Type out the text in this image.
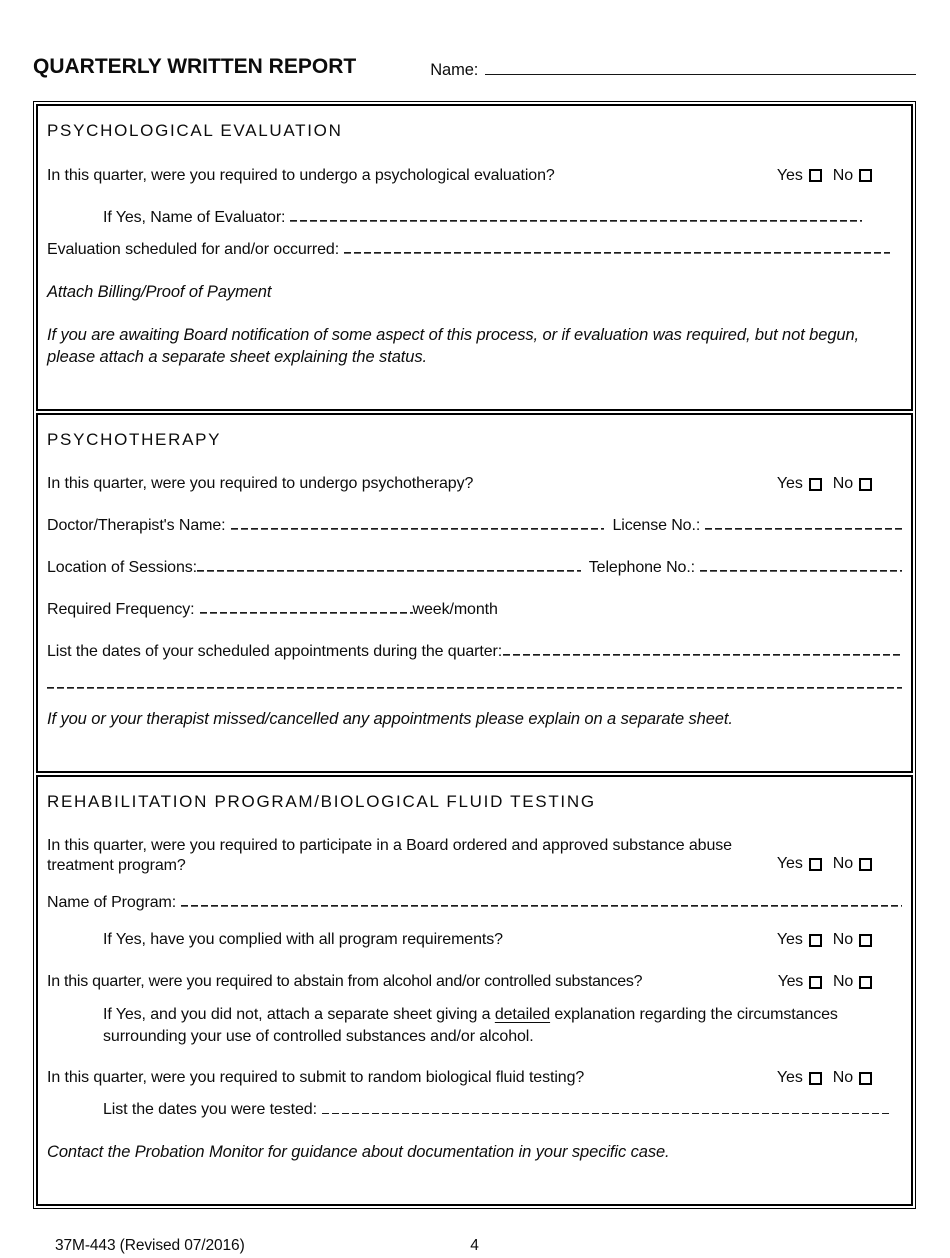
QUARTERLY WRITTEN REPORT	Name:
PSYCHOLOGICAL EVALUATION
In this quarter, were you required to undergo a psychological evaluation?	Yes No
If Yes, Name of Evaluator:
Evaluation scheduled for and/or occurred:
Attach Billing/Proof of Payment
If you are awaiting Board notification of some aspect of this process, or if evaluation was required, but not begun, please attach a separate sheet explaining the status.
PSYCHOTHERAPY
In this quarter, were you required to undergo psychotherapy?	Yes No
Doctor/Therapist's Name:	License No.:
Location of Sessions:	Telephone No.:
Required Frequency:	week/month
List the dates of your scheduled appointments during the quarter:
If you or your therapist missed/cancelled any appointments please explain on a separate sheet.
REHABILITATION PROGRAM/BIOLOGICAL FLUID TESTING
In this quarter, were you required to participate in a Board ordered and approved substance abuse treatment program?	Yes No
Name of Program:
If Yes, have you complied with all program requirements?	Yes No
In this quarter, were you required to abstain from alcohol and/or controlled substances?	Yes No
If Yes, and you did not, attach a separate sheet giving a detailed explanation regarding the circumstances surrounding your use of controlled substances and/or alcohol.
In this quarter, were you required to submit to random biological fluid testing?	Yes No
List the dates you were tested:
Contact the Probation Monitor for guidance about documentation in your specific case.
37M-443 (Revised 07/2016)	4
